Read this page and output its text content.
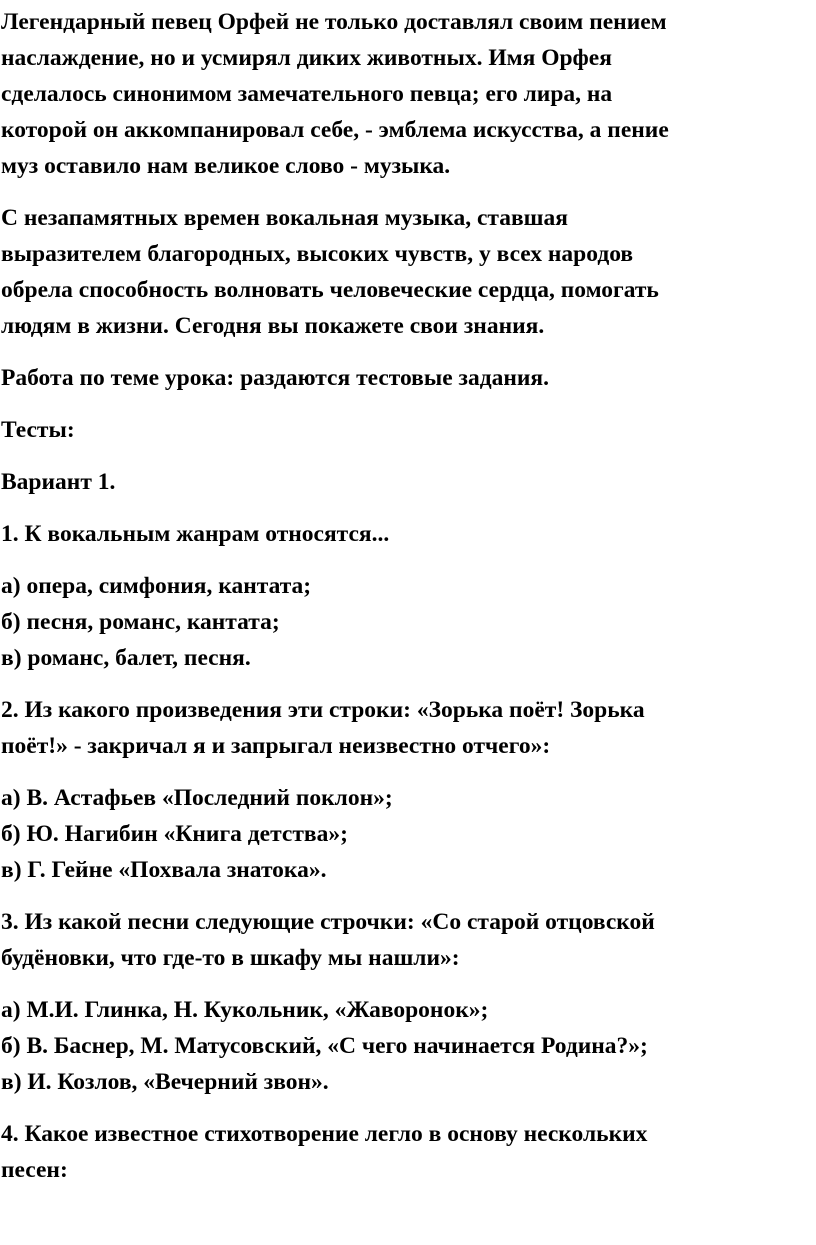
Легендарный певец Орфей не только доставлял своим пением
наслаждение, но и усмирял диких животных. Имя Орфея
сделалось синонимом замечательного певца; его лира, на
которой он аккомпанировал себе, - эмблема искусства, а пение
муз оставило нам великое слово - музыка.

С незапамятных времен вокальная музыка, ставшая
выразителем благородных, высоких чувств, у всех народов
обрела способность волновать человеческие сердца, помогать
людям в жизни. Сегодня вы покажете свои знания.

Работа по теме урока: раздаются тестовые задания.

Тесты:

Вариант 1.

1. К вокальным жанрам относятся...

а) опера, симфония, кантата;
б) песня, романс, кантата;
в) романс, балет, песня.

2. Из какого произведения эти строки: «Зорька поёт! Зорька
поёт!» - закричал я и запрыгал неизвестно отчего»:

а) В. Астафьев «Последний поклон»;
б) Ю. Нагибин «Книга детства»;
в) Г. Гейне «Похвала знатока».

3. Из какой песни следующие строчки: «Со старой отцовской
будёновки, что где-то в шкафу мы нашли»:

а) М.И. Глинка, Н. Кукольник, «Жаворонок»;
б) В. Баснер, М. Матусовский, «С чего начинается Родина?»;
в) И. Козлов, «Вечерний звон».

4. Какое известное стихотворение легло в основу нескольких
песен:
